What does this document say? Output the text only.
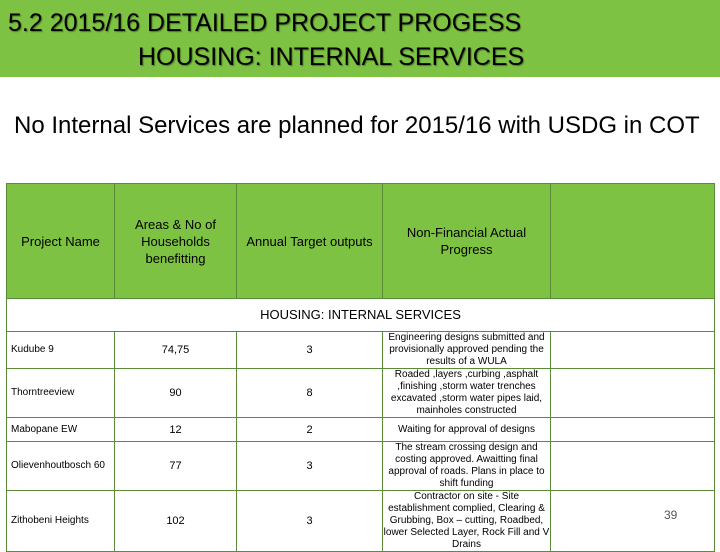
5.2 2015/16 DETAILED PROJECT PROGESS
HOUSING: INTERNAL SERVICES
No Internal Services are planned for 2015/16 with USDG in COT
Project Name	Areas & No of Households benefitting	Annual Target outputs	Non-Financial Actual Progress	
HOUSING: INTERNAL SERVICES				
Kudube 9	74,75	3	Engineering designs submitted and provisionally approved pending the results of a WULA	
Thorntreeview	90	8	Roaded ,layers ,curbing ,asphalt ,finishing ,storm water trenches excavated ,storm water pipes laid, mainholes constructed	
Mabopane EW	12	2	Waiting for approval of designs	
Olievenhoutbosch 60	77	3	The stream crossing design and costing approved. Awaitting final approval of roads. Plans in place to shift funding	
Zithobeni Heights	102	3	Contractor on site - Site establishment complied, Clearing & Grubbing, Box – cutting, Roadbed, lower Selected Layer, Rock Fill and V Drains	
39
